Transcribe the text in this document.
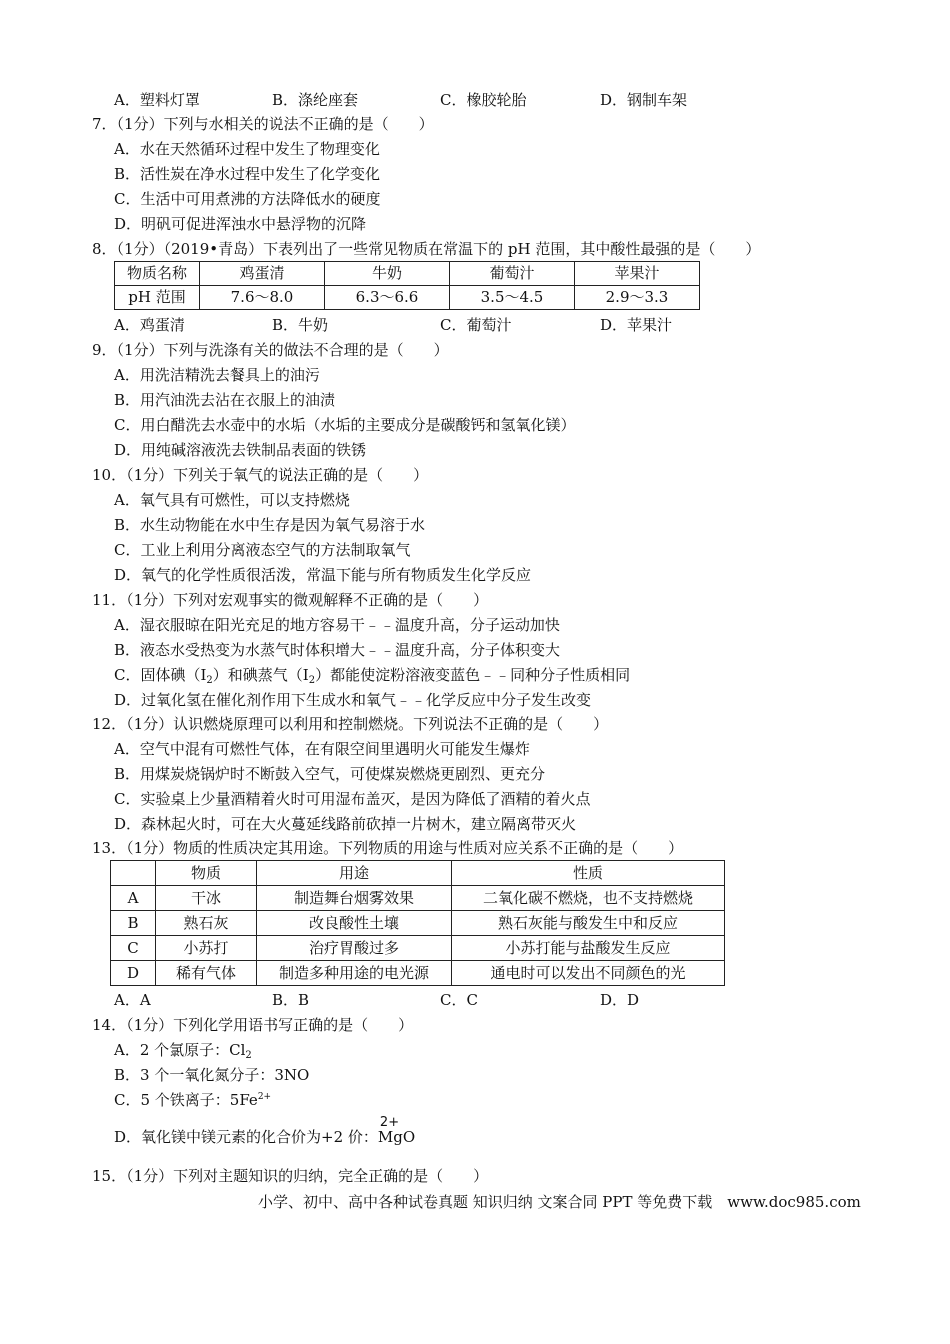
A．塑料灯罩	B．涤纶座套	C．橡胶轮胎	D．钢制车架
7．（1分）下列与水相关的说法不正确的是（　　）
A．水在天然循环过程中发生了物理变化
B．活性炭在净水过程中发生了化学变化
C．生活中可用煮沸的方法降低水的硬度
D．明矾可促进浑浊水中悬浮物的沉降
8．（1分）（2019•青岛）下表列出了一些常见物质在常温下的 pH 范围，其中酸性最强的是（　　）
物质名称	鸡蛋清	牛奶	葡萄汁	苹果汁
pH 范围	7.6～8.0	6.3～6.6	3.5～4.5	2.9～3.3
A．鸡蛋清	B．牛奶	C．葡萄汁	D．苹果汁
9．（1分）下列与洗涤有关的做法不合理的是（　　）
A．用洗洁精洗去餐具上的油污
B．用汽油洗去沾在衣服上的油渍
C．用白醋洗去水壶中的水垢（水垢的主要成分是碳酸钙和氢氧化镁）
D．用纯碱溶液洗去铁制品表面的铁锈
10．（1分）下列关于氧气的说法正确的是（　　）
A．氧气具有可燃性，可以支持燃烧
B．水生动物能在水中生存是因为氧气易溶于水
C．工业上利用分离液态空气的方法制取氧气
D．氧气的化学性质很活泼，常温下能与所有物质发生化学反应
11．（1分）下列对宏观事实的微观解释不正确的是（　　）
A．湿衣服晾在阳光充足的地方容易干﹣﹣温度升高，分子运动加快
B．液态水受热变为水蒸气时体积增大﹣﹣温度升高，分子体积变大
C．固体碘$(I_2)$和碘蒸气$(I_2)$都能使淀粉溶液变蓝色﹣﹣同种分子性质相同
D．过氧化氢在催化剂作用下生成水和氧气﹣﹣化学反应中分子发生改变
12．（1分）认识燃烧原理可以利用和控制燃烧。下列说法不正确的是（　　）
A．空气中混有可燃性气体，在有限空间里遇明火可能发生爆炸
B．用煤炭烧锅炉时不断鼓入空气，可使煤炭燃烧更剧烈、更充分
C．实验桌上少量酒精着火时可用湿布盖灭，是因为降低了酒精的着火点
D．森林起火时，可在大火蔓延线路前砍掉一片树木，建立隔离带灭火
13．（1分）物质的性质决定其用途。下列物质的用途与性质对应关系不正确的是（　　）
	物质	用途	性质
A	干冰	制造舞台烟雾效果	二氧化碳不燃烧，也不支持燃烧
B	熟石灰	改良酸性土壤	熟石灰能与酸发生中和反应
C	小苏打	治疗胃酸过多	小苏打能与盐酸发生反应
D	稀有气体	制造多种用途的电光源	通电时可以发出不同颜色的光
A．A	B．B	C．C	D．D
14．（1分）下列化学用语书写正确的是（　　）
A．2 个氯原子：$Cl_2$
B．3 个一氧化氮分子：3NO
C．5 个铁离子：$5Fe^{2+}$
D．氧化镁中镁元素的化合价为+2 价：
2+
MgO
15．（1分）下列对主题知识的归纳，完全正确的是（　　）
小学、初中、高中各种试卷真题 知识归纳 文案合同 PPT 等免费下载　www.doc985.com
